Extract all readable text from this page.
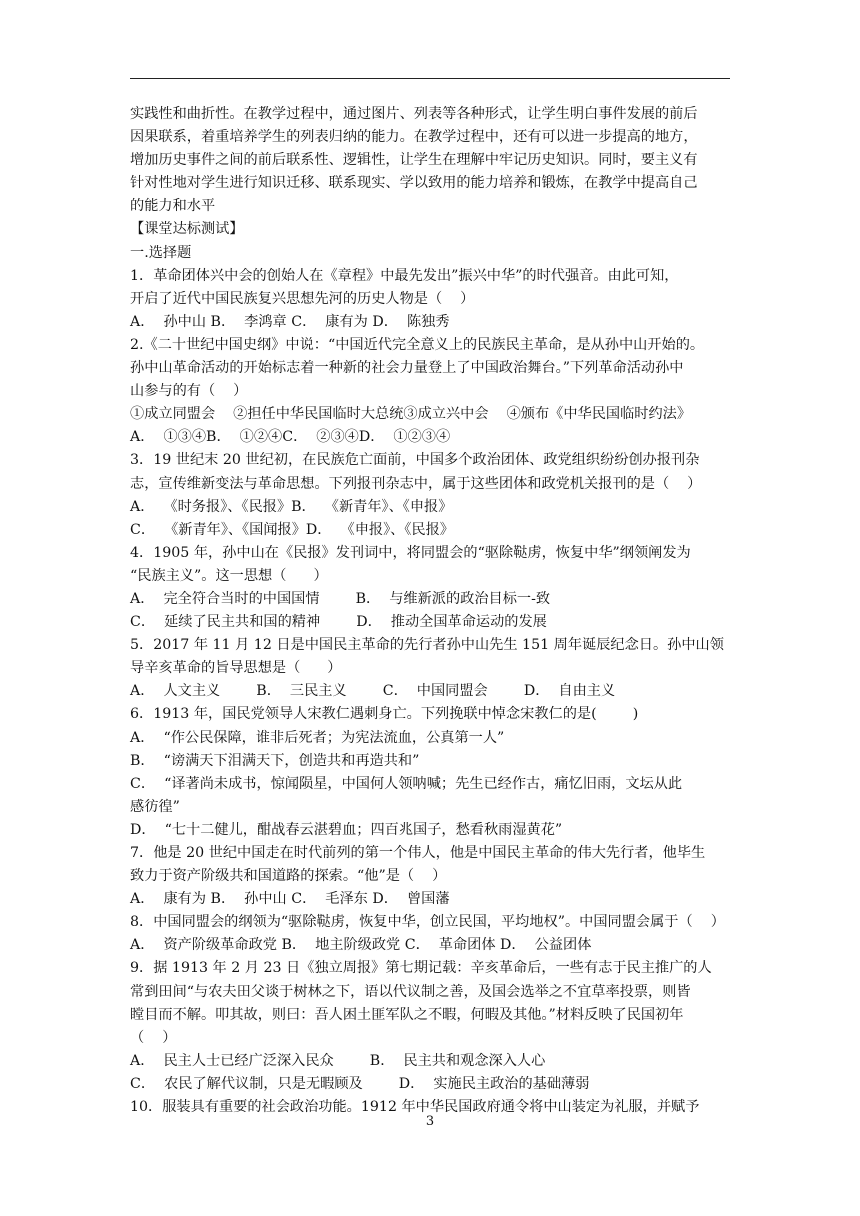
实践性和曲折性。在教学过程中，通过图片、列表等各种形式，让学生明白事件发展的前后
因果联系，着重培养学生的列表归纳的能力。在教学过程中，还有可以进一步提高的地方，
增加历史事件之间的前后联系性、逻辑性，让学生在理解中牢记历史知识。同时，要主义有
针对性地对学生进行知识迁移、联系现实、学以致用的能力培养和锻炼，在教学中提高自己
的能力和水平
【课堂达标测试】
一.选择题
1．革命团体兴中会的创始人在《章程》中最先发出”振兴中华”的时代强音。由此可知，
开启了近代中国民族复兴思想先河的历史人物是（    ）
A．  孙中山 B．  李鸿章 C．  康有为 D．  陈独秀
2.《二十世纪中国史纲》中说：“中国近代完全意义上的民族民主革命，是从孙中山开始的。
孙中山革命活动的开始标志着一种新的社会力量登上了中国政治舞台。”下列革命活动孙中
山参与的有（    ）
①成立同盟会    ②担任中华民国临时大总统③成立兴中会    ④颁布《中华民国临时约法》
A．  ①③④B．  ①②④C．  ②③④D．  ①②③④
3．19 世纪末 20 世纪初，在民族危亡面前，中国多个政治团体、政党组织纷纷创办报刊杂
志，宣传维新变法与革命思想。下列报刊杂志中，属于这些团体和政党机关报刊的是（    ）
A．  《时务报》、《民报》B．  《新青年》、《申报》
C．  《新青年》、《国闻报》D．  《申报》、《民报》
4．1905 年，孙中山在《民报》发刊词中，将同盟会的“驱除鞑虏，恢复中华”纲领阐发为
“民族主义”。这一思想（      ）
A．  完全符合当时的中国国情        B．  与维新派的政治目标一-致
C．  延续了民主共和国的精神        D．  推动全国革命运动的发展
5．2017 年 11 月 12 日是中国民主革命的先行者孙中山先生 151 周年诞辰纪念日。孙中山领
导辛亥革命的旨导思想是（      ）
A．  人文主义        B．  三民主义        C．  中国同盟会        D．  自由主义
6．1913 年，国民党领导人宋教仁遇刺身亡。下列挽联中悼念宋教仁的是(        )
A．  “作公民保障，谁非后死者；为宪法流血，公真第一人”
B．  “谤满天下泪满天下，创造共和再造共和”
C．  “译著尚未成书，惊闻陨星，中国何人领呐喊；先生已经作古，痛忆旧雨，文坛从此
感彷徨”
D．  “七十二健儿，酣战春云湛碧血；四百兆国子，愁看秋雨湿黄花”
7．他是 20 世纪中国走在时代前列的第一个伟人，他是中国民主革命的伟大先行者，他毕生
致力于资产阶级共和国道路的探索。“他”是（    ）
A．  康有为 B．  孙中山 C．  毛泽东 D．  曾国藩
8．中国同盟会的纲领为“驱除鞑虏，恢复中华，创立民国，平均地权”。中国同盟会属于（    ）
A．  资产阶级革命政党 B．  地主阶级政党 C．  革命团体 D．  公益团体
9．据 1913 年 2 月 23 日《独立周报》第七期记载：辛亥革命后，一些有志于民主推广的人
常到田间“与农夫田父谈于树林之下，语以代议制之善，及国会选举之不宜草率投票，则皆
瞠目而不解。叩其故，则曰：吾人困土匪军队之不暇，何暇及其他。”材料反映了民国初年
（    ）
A．  民主人士已经广泛深入民众        B．  民主共和观念深入人心
C．  农民了解代议制，只是无暇顾及        D．  实施民主政治的基础薄弱
10．服装具有重要的社会政治功能。1912 年中华民国政府通令将中山装定为礼服，并赋予
3
